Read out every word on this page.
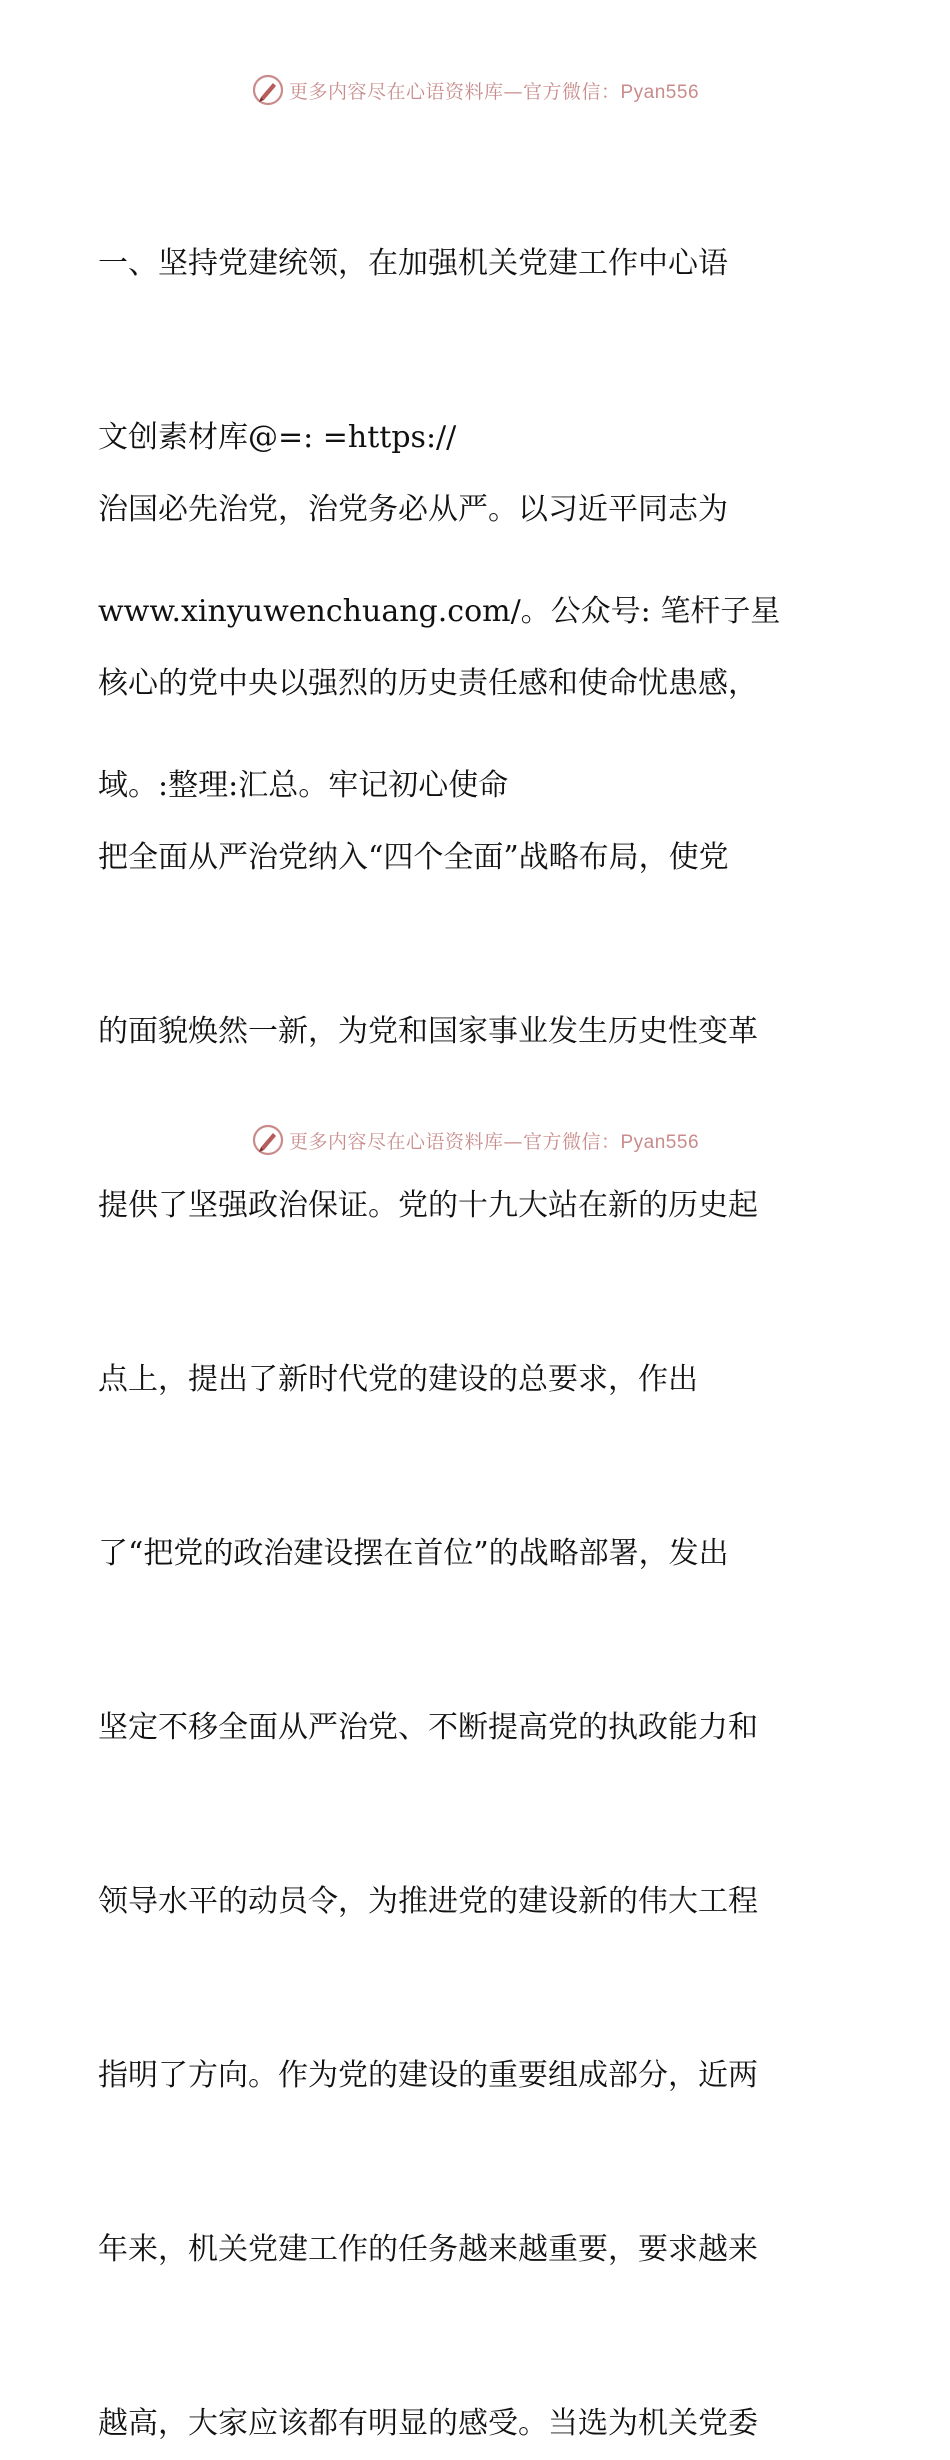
更多内容尽在心语资料库—官方微信：Pyan556

一、坚持党建统领，在加强机关党建工作中心语

文创素材库@=: =https://

www.xinyuwenchuang.com/。公众号: 笔杆子星

域。:整理:汇总。牢记初心使命

治国必先治党，治党务必从严。以习近平同志为

核心的党中央以强烈的历史责任感和使命忧患感，

把全面从严治党纳入“四个全面”战略布局，使党

的面貌焕然一新，为党和国家事业发生历史性变革

提供了坚强政治保证。党的十九大站在新的历史起

点上，提出了新时代党的建设的总要求，作出

了“把党的政治建设摆在首位”的战略部署，发出

坚定不移全面从严治党、不断提高党的执政能力和

领导水平的动员令，为推进党的建设新的伟大工程

指明了方向。作为党的建设的重要组成部分，近两

年来，机关党建工作的任务越来越重要，要求越来

越高，大家应该都有明显的感受。当选为机关党委

更多内容尽在心语资料库—官方微信：Pyan556
